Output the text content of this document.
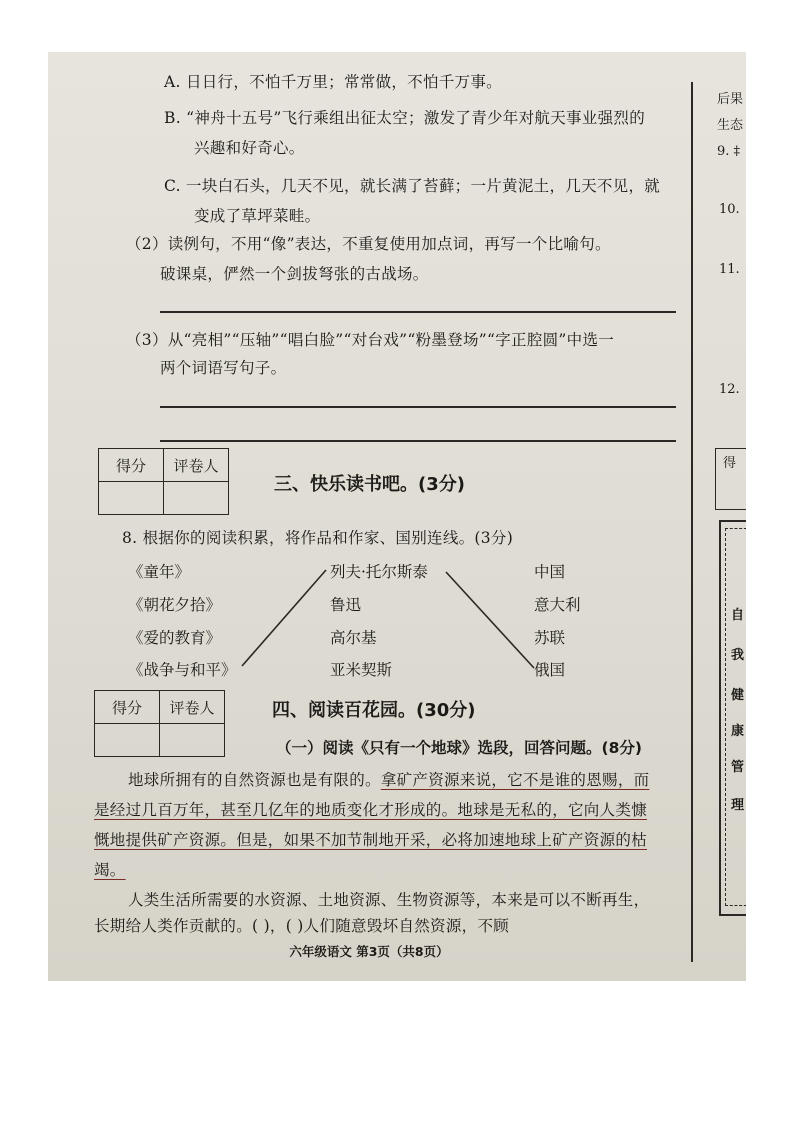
A. 日日行，不怕千万里；常常做，不怕千万事。
B. “神舟十五号”飞行乘组出征太空；激发了青少年对航天事业强烈的
兴趣和好奇心。
C. 一块白石头，几天不见，就长满了苔藓；一片黄泥土，几天不见，就
变成了草坪菜畦。
（2）读例句，不用“像”表达，不重复使用加点词，再写一个比喻句。
破课桌，俨然一个剑拔弩张的古战场。
（3）从“亮相”“压轴”“唱白脸”“对台戏”“粉墨登场”“字正腔圆”中选一
两个词语写句子。
得分	评卷人

三、快乐读书吧。(3分)
8. 根据你的阅读积累，将作品和作家、国别连线。(3分)
《童年》
《朝花夕拾》
《爱的教育》
《战争与和平》
列夫·托尔斯泰
鲁迅
高尔基
亚米契斯
中国
意大利
苏联
俄国
得分	评卷人
		四、阅读百花园。(30分)
（一）阅读《只有一个地球》选段，回答问题。(8分)
地球所拥有的自然资源也是有限的。拿矿产资源来说，它不是谁的恩赐，而
是经过几百万年，甚至几亿年的地质变化才形成的。地球是无私的，它向人类慷
慨地提供矿产资源。但是，如果不加节制地开采，必将加速地球上矿产资源的枯
竭。
人类生活所需要的水资源、土地资源、生物资源等，本来是可以不断再生，
长期给人类作贡献的。( )，( )人们随意毁坏自然资源，不顾
六年级语文 第3页（共8页）
后果
生态
9. ‡
10.
11.
12.
得
自
我
健
康
管
理
